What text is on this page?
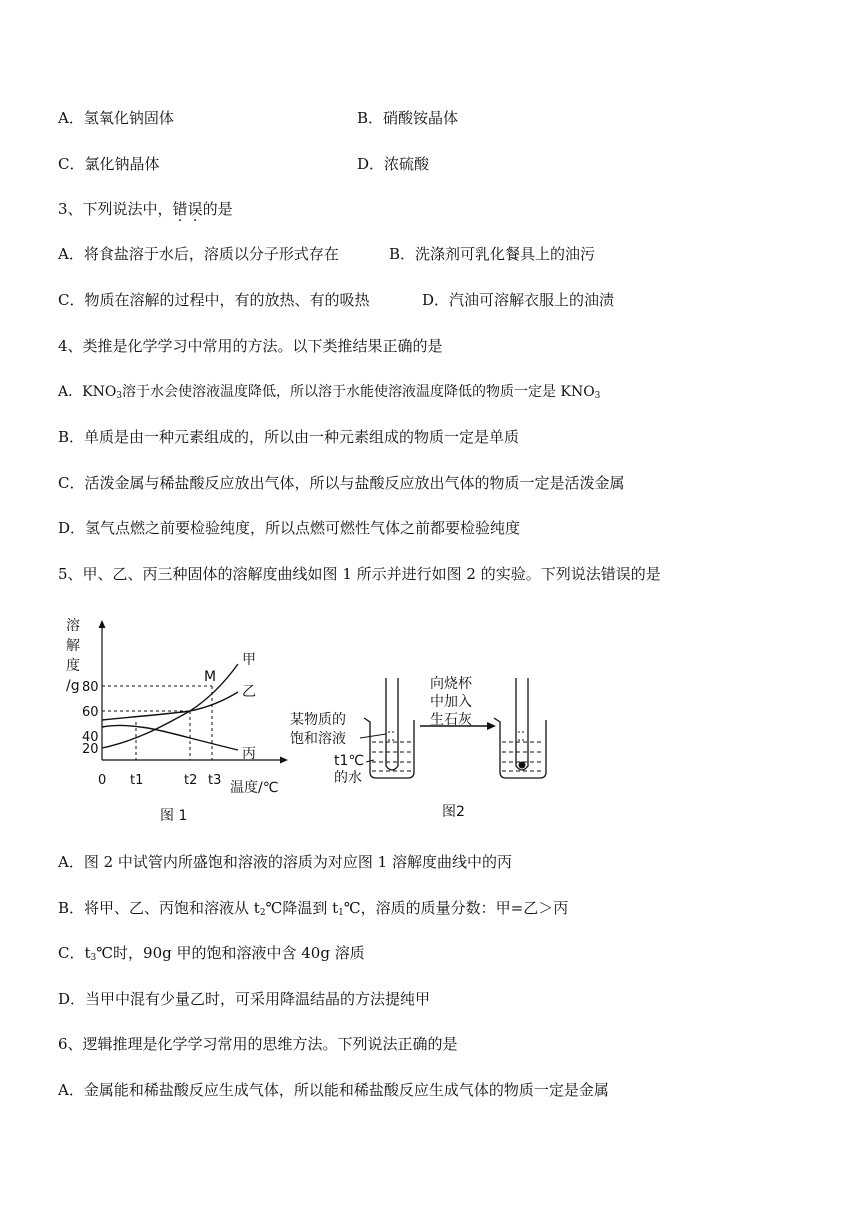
A．氢氧化钠固体	B．硝酸铵晶体
C．氯化钠晶体	D．浓硫酸
3、下列说法中，错误的是
A．将食盐溶于水后，溶质以分子形式存在	B．洗涤剂可乳化餐具上的油污
C．物质在溶解的过程中，有的放热、有的吸热	D．汽油可溶解衣服上的油渍
4、类推是化学学习中常用的方法。以下类推结果正确的是
A．$KNO_3$溶于水会使溶液温度降低，所以溶于水能使溶液温度降低的物质一定是 $KNO_3$
B．单质是由一种元素组成的，所以由一种元素组成的物质一定是单质
C．活泼金属与稀盐酸反应放出气体，所以与盐酸反应放出气体的物质一定是活泼金属
D．氢气点燃之前要检验纯度，所以点燃可燃性气体之前都要检验纯度
5、甲、乙、丙三种固体的溶解度曲线如图 1 所示并进行如图 2 的实验。下列说法错误的是
溶
解
度
/g 80
60
40
20
M
甲
乙
丙
0 t1	t2 t3 温度/℃
图 1
某物质的
饱和溶液
t1℃
的水
向烧杯
中加入
生石灰
图2
A．图 2 中试管内所盛饱和溶液的溶质为对应图 1 溶解度曲线中的丙
B．将甲、乙、丙饱和溶液从 $t_2℃$降温到 $t_1℃$，溶质的质量分数：甲=乙＞丙
C．$t_3℃$时，90g 甲的饱和溶液中含 40g 溶质
D．当甲中混有少量乙时，可采用降温结晶的方法提纯甲
6、逻辑推理是化学学习常用的思维方法。下列说法正确的是
A．金属能和稀盐酸反应生成气体，所以能和稀盐酸反应生成气体的物质一定是金属
